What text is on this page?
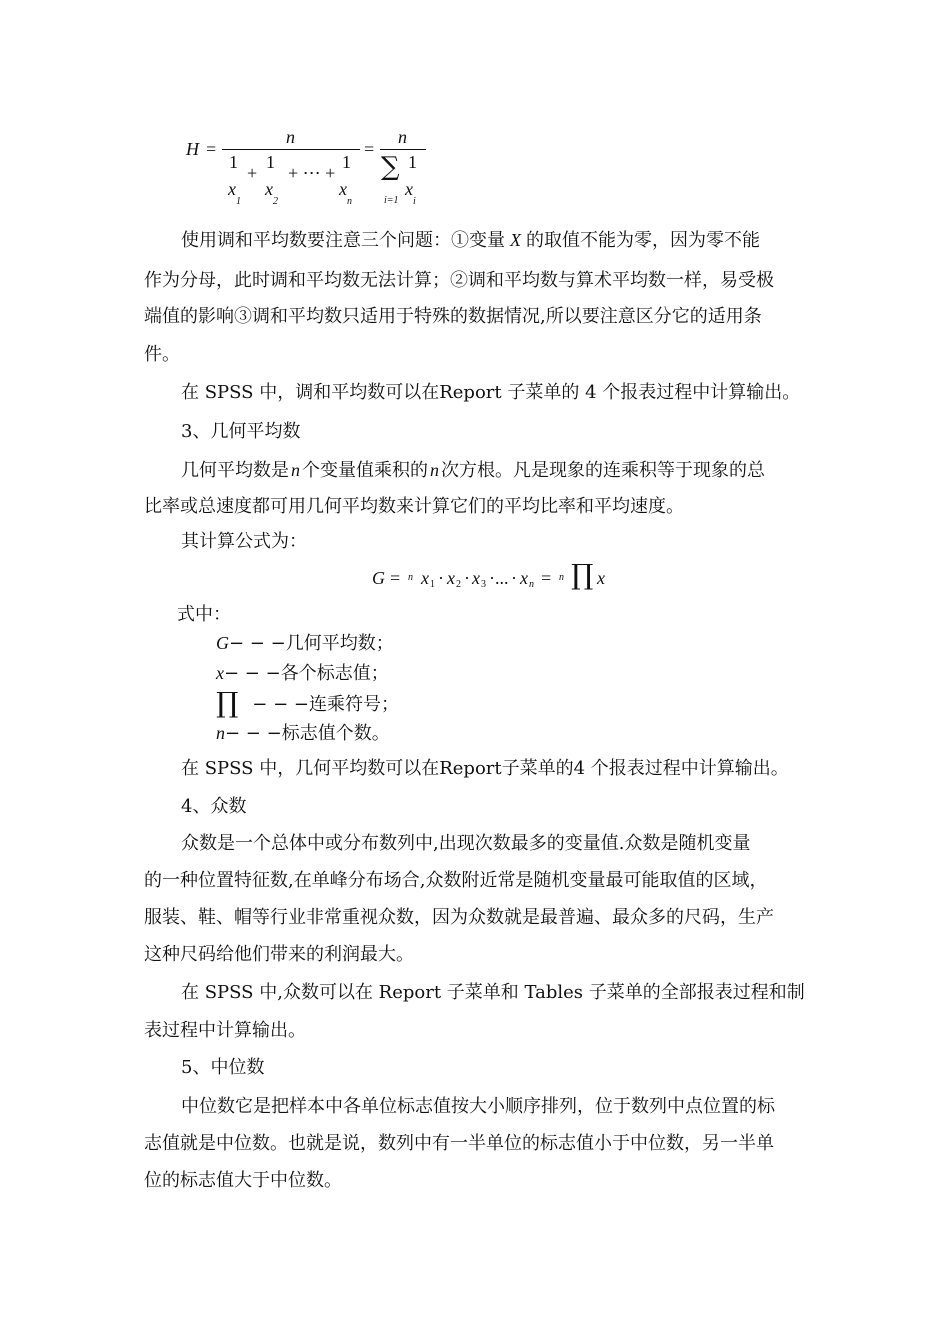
H =
n
1
+
1
+ ⋯ +
1
x
1
x
2
x
n
=
n
∑ 1
i=1
x
i
使用调和平均数要注意三个问题：①变量 X 的取值不能为零，因为零不能
作为分母，此时调和平均数无法计算；②调和平均数与算术平均数一样，易受极
端值的影响③调和平均数只适用于特殊的数据情况,所以要注意区分它的适用条
件。
在 SPSS 中，调和平均数可以在Report 子菜单的 4 个报表过程中计算输出。
3、几何平均数
几何平均数是 n 个变量值乘积的 n 次方根。凡是现象的连乘积等于现象的总
比率或总速度都可用几何平均数来计算它们的平均比率和平均速度。
其计算公式为：
G = n x 1 · x 2 · x 3 · ... · x n = n ∏ x
式中：
G− − −几何平均数；
x− − −各个标志值；
∏ − − −连乘符号；
n− − −标志值个数。
在 SPSS 中，几何平均数可以在Report子菜单的4 个报表过程中计算输出。
4、众数
众数是一个总体中或分布数列中,出现次数最多的变量值.众数是随机变量
的一种位置特征数,在单峰分布场合,众数附近常是随机变量最可能取值的区域，
服装、鞋、帽等行业非常重视众数，因为众数就是最普遍、最众多的尺码，生产
这种尺码给他们带来的利润最大。
在 SPSS 中,众数可以在 Report 子菜单和 Tables 子菜单的全部报表过程和制
表过程中计算输出。
5、中位数
中位数它是把样本中各单位标志值按大小顺序排列，位于数列中点位置的标
志值就是中位数。也就是说，数列中有一半单位的标志值小于中位数，另一半单
位的标志值大于中位数。
